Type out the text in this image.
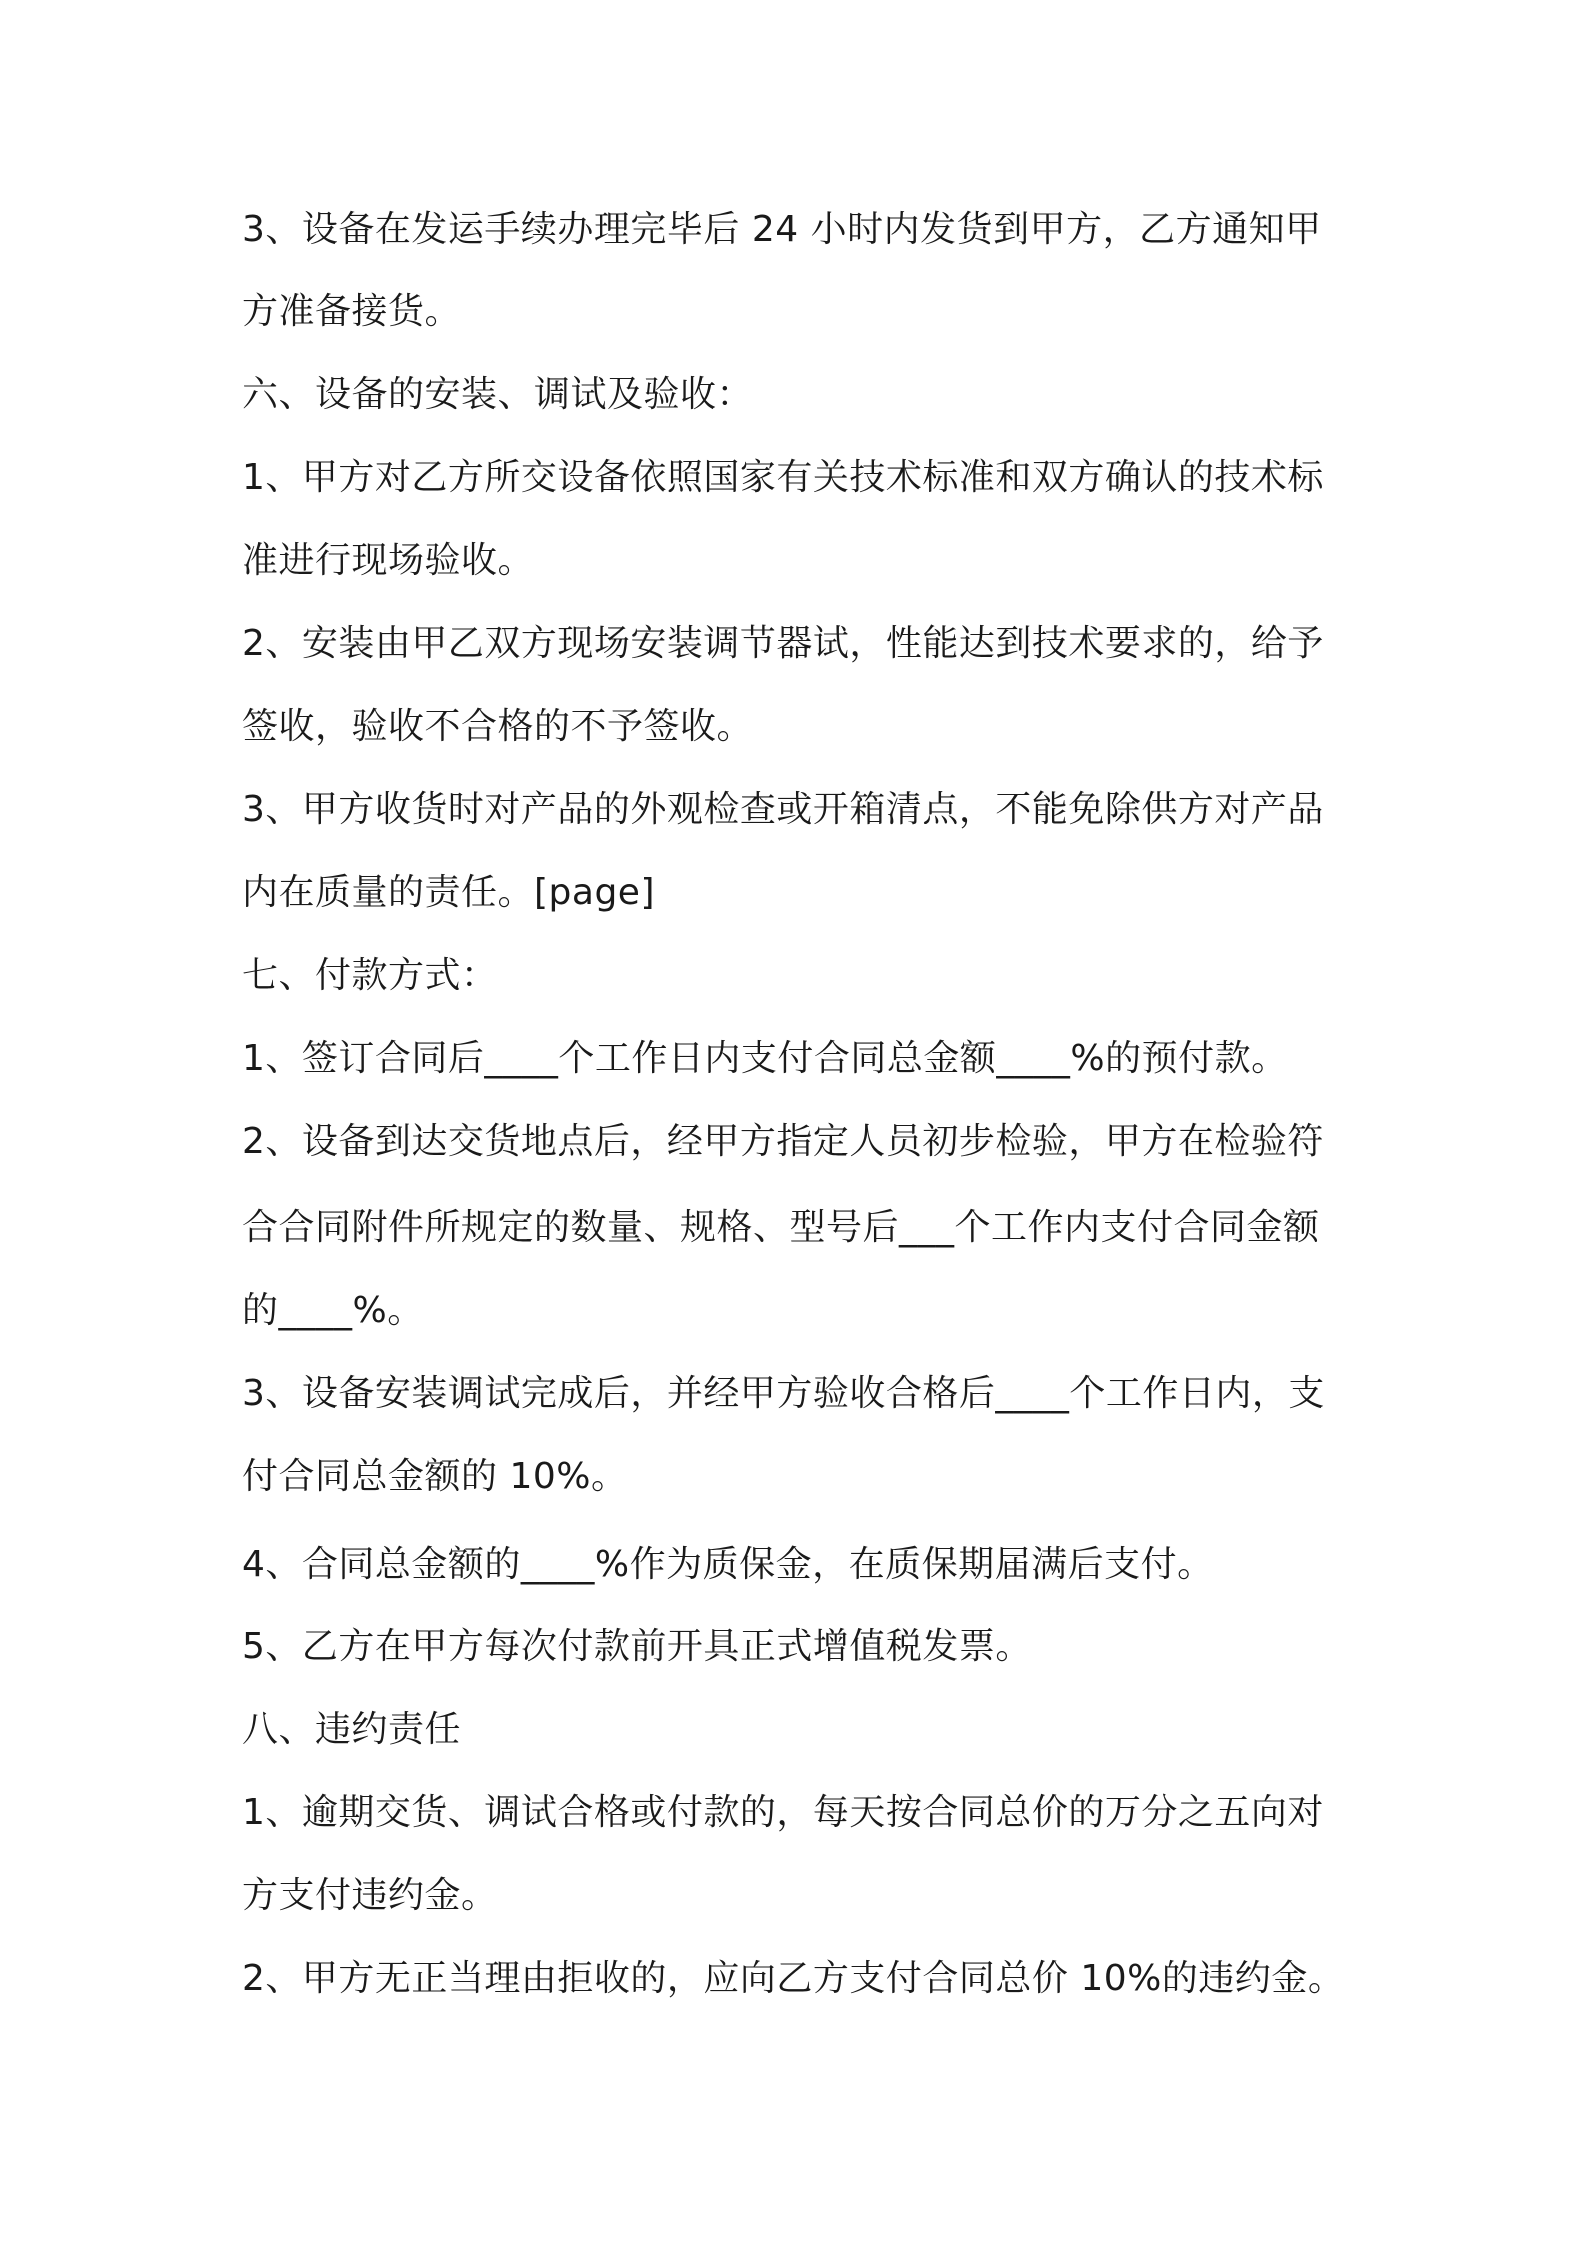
3、设备在发运手续办理完毕后 24 小时内发货到甲方，乙方通知甲
方准备接货。
六、设备的安装、调试及验收：
1、甲方对乙方所交设备依照国家有关技术标准和双方确认的技术标
准进行现场验收。
2、安装由甲乙双方现场安装调节器试，性能达到技术要求的，给予
签收，验收不合格的不予签收。
3、甲方收货时对产品的外观检查或开箱清点，不能免除供方对产品
内在质量的责任。[page]
七、付款方式：
1、签订合同后____个工作日内支付合同总金额____%的预付款。
2、设备到达交货地点后，经甲方指定人员初步检验，甲方在检验符
合合同附件所规定的数量、规格、型号后___个工作内支付合同金额
的____%。
3、设备安装调试完成后，并经甲方验收合格后____个工作日内，支
付合同总金额的 10%。
4、合同总金额的____%作为质保金，在质保期届满后支付。
5、乙方在甲方每次付款前开具正式增值税发票。
八、违约责任
1、逾期交货、调试合格或付款的，每天按合同总价的万分之五向对
方支付违约金。
2、甲方无正当理由拒收的，应向乙方支付合同总价 10%的违约金。
